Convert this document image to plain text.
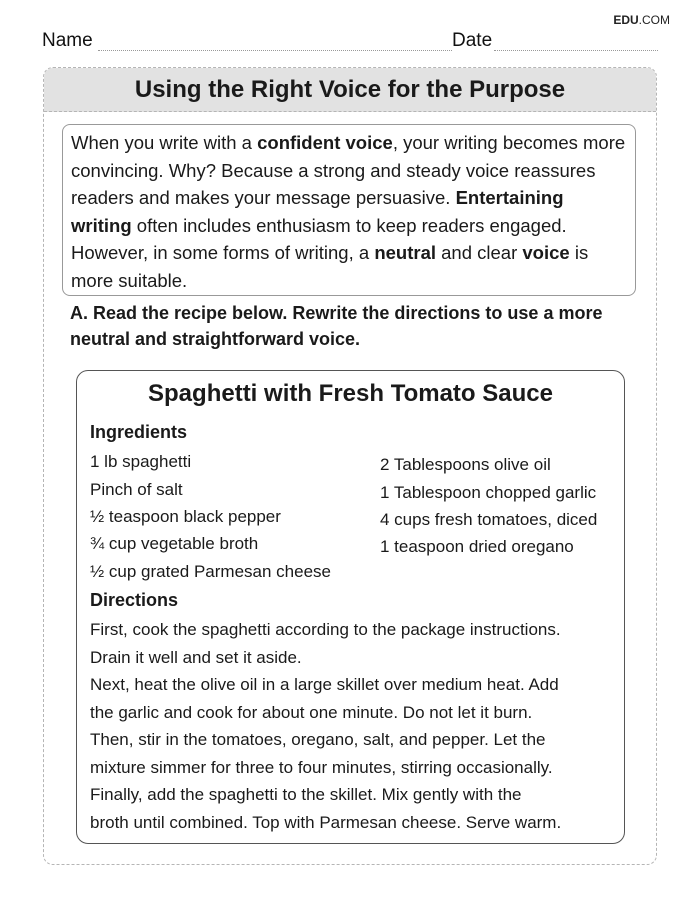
EDU.COM
Name	Date
Using the Right Voice for the Purpose
When you write with a confident voice, your writing becomes more convincing. Why? Because a strong and steady voice reassures readers and makes your message persuasive. Entertaining writing often includes enthusiasm to keep readers engaged. However, in some forms of writing, a neutral and clear voice is more suitable.
A. Read the recipe below. Rewrite the directions to use a more neutral and straightforward voice.
Spaghetti with Fresh Tomato Sauce
Ingredients
1 lb spaghetti
Pinch of salt
½ teaspoon black pepper
¾ cup vegetable broth
½ cup grated Parmesan cheese
2 Tablespoons olive oil
1 Tablespoon chopped garlic
4 cups fresh tomatoes, diced
1 teaspoon dried oregano
Directions
First, cook the spaghetti according to the package instructions.
Drain it well and set it aside.
Next, heat the olive oil in a large skillet over medium heat. Add
the garlic and cook for about one minute. Do not let it burn.
Then, stir in the tomatoes, oregano, salt, and pepper. Let the
mixture simmer for three to four minutes, stirring occasionally.
Finally, add the spaghetti to the skillet. Mix gently with the
broth until combined. Top with Parmesan cheese. Serve warm.
